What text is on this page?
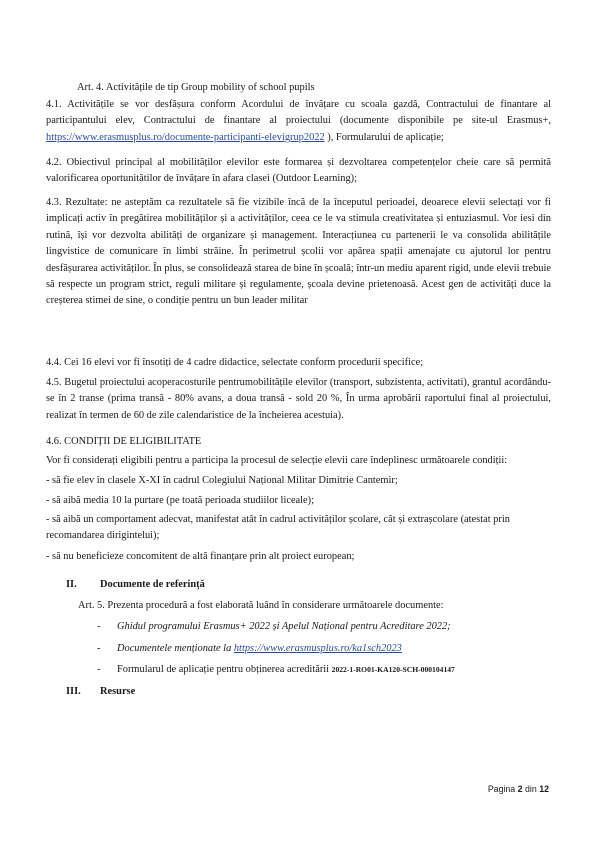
Art. 4. Activitățile de tip Group mobility of school pupils

4.1. Activitățile se vor desfășura conform Acordului de învățare cu scoala gazdă, Contractului de finantare al participantului elev, Contractului de finantare al proiectului (documente disponibile pe site-ul Erasmus+, https://www.erasmusplus.ro/documente-participanti-elevigrup2022 ), Formularului de aplicație;

4.2. Obiectivul principal al mobilităților elevilor este formarea și dezvoltarea competențelor cheie care să permită valorificarea oportunitătilor de învățare în afara clasei (Outdoor Learning);

4.3. Rezultate: ne asteptăm ca rezultatele să fie vizibile încă de la începutul perioadei, deoarece elevii selectați vor fi implicați activ în pregătirea mobilităților și a activităților, ceea ce le va stimula creativitatea și entuziasmul. Vor iesi din rutină, își vor dezvolta abilități de organizare și management. Interacțiunea cu partenerii le va consolida abilitățile lingvistice de comunicare în limbi străine. În perimetrul școlii vor apărea spații amenajate cu ajutorul lor pentru desfășurarea activităților. În plus, se consolidează starea de bine în școală; într-un mediu aparent rigid, unde elevii trebuie să respecte un program strict, reguli militare și regulamente, școala devine prietenoasă. Acest gen de activități duce la creșterea stimei de sine, o condiție pentru un bun leader militar

4.4. Cei 16 elevi vor fi însotiți de 4 cadre didactice, selectate conform procedurii specifice;

4.5. Bugetul proiectului acoperacosturile pentrumobilitățile elevilor (transport, subzistenta, activitati), grantul acordându-se în 2 transe (prima transă - 80% avans, a doua transă - sold 20 %, În urma aprobării raportului final al proiectului, realizat în termen de 60 de zile calendaristice de la încheierea acestuia).

4.6. CONDIȚII DE ELIGIBILITATE

Vor fi considerați eligibili pentru a participa la procesul de selecție elevii care îndeplinesc următoarele condiții:

- să fie elev în clasele X-XI în cadrul Colegiului Național Militar Dimitrie Cantemir;

- să aibă media 10 la purtare (pe toată perioada studiilor liceale);

- să aibă un comportament adecvat, manifestat atât în cadrul activităților școlare, cât și extrașcolare (atestat prin recomandarea dirigintelui);

- să nu beneficieze concomitent de altă finanțare prin alt proiect european;

II. Documente de referință

Art. 5. Prezenta procedură a fost elaborată luând în considerare următoarele documente:

- Ghidul programului Erasmus+ 2022 și Apelul Național pentru Acreditare 2022;
- Documentele menționate la https://www.erasmusplus.ro/ka1sch2023
- Formularul de aplicație pentru obținerea acreditării 2022-1-RO01-KA120-SCH-000104147
III. Resurse
Pagina 2 din 12
